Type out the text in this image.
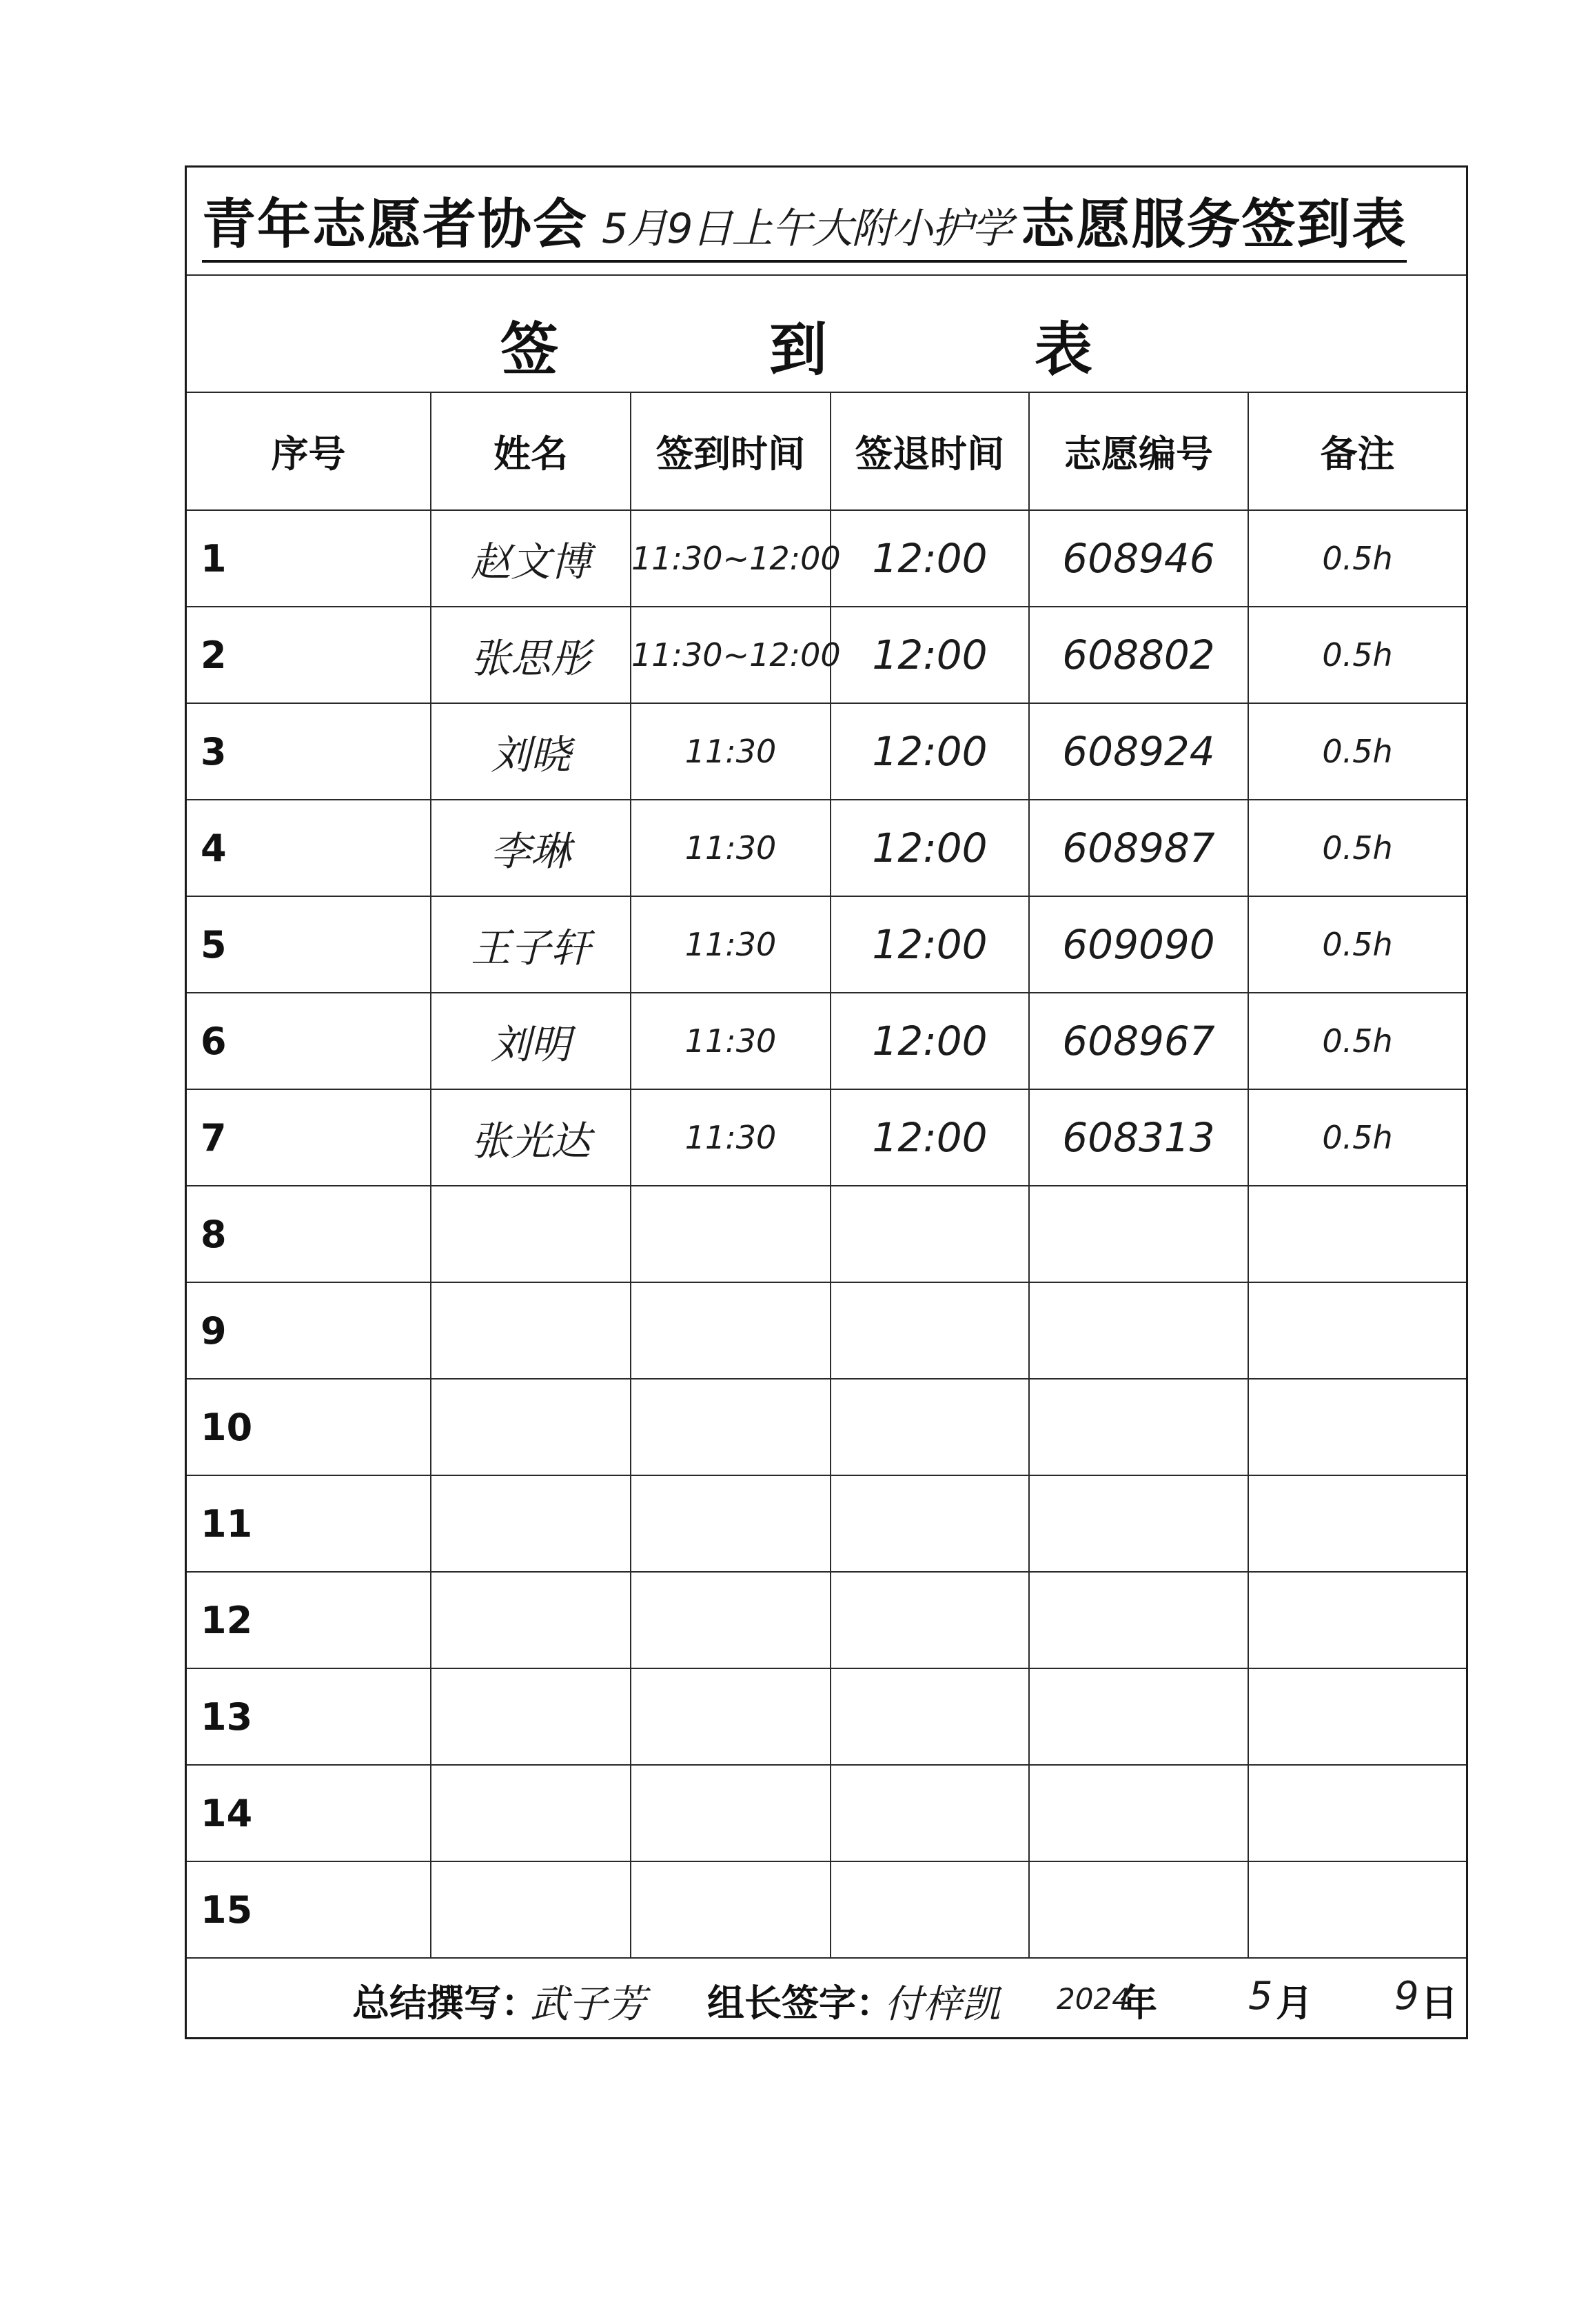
青年志愿者协会 5月9日上午大附小护学 志愿服务签到表
签	到	表
序号	姓名	签到时间	签退时间	志愿编号	备注
1	赵文博	11:30~12:00	12:00	608946	0.5h
2	张思彤	11:30~12:00	12:00	608802	0.5h
3	刘晓	11:30	12:00	608924	0.5h
4	李琳	11:30	12:00	608987	0.5h
5	王子轩	11:30	12:00	609090	0.5h
6	刘明	11:30	12:00	608967	0.5h
7	张光达	11:30	12:00	608313	0.5h
8					
9					
10					
11					
12					
13					
14					
15					
总结撰写：
武子芳 组长签字：
付梓凯 2024
年 5 月 9 日
